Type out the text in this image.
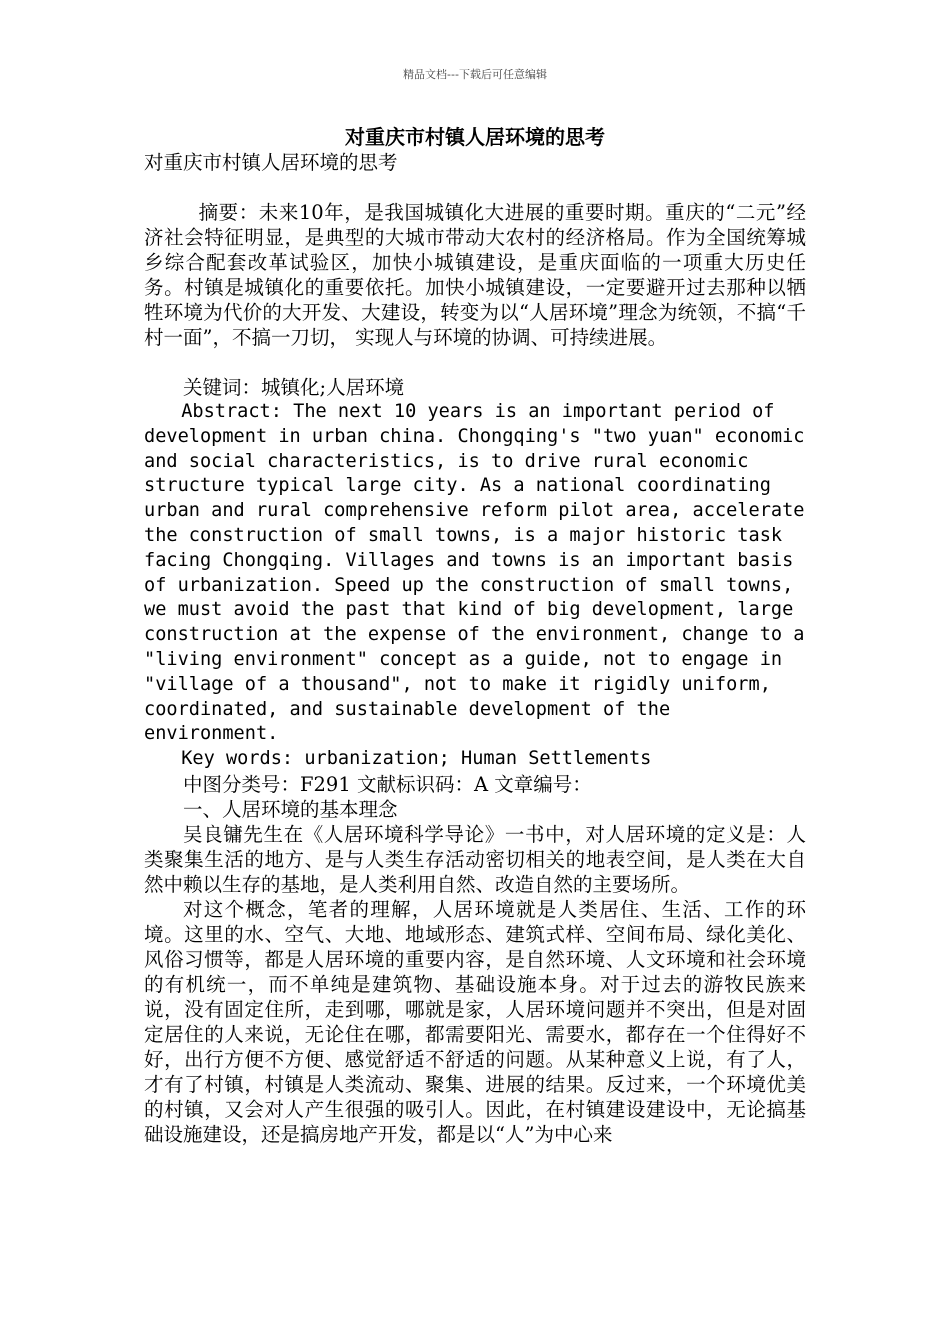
精品文档---下载后可任意编辑
对重庆市村镇人居环境的思考

对重庆市村镇人居环境的思考

摘要：未来10年，是我国城镇化大进展的重要时期。重庆的“二元”经济社会特征明显，是典型的大城市带动大农村的经济格局。作为全国统筹城乡综合配套改革试验区，加快小城镇建设，是重庆面临的一项重大历史任务。村镇是城镇化的重要依托。加快小城镇建设，一定要避开过去那种以牺牲环境为代价的大开发、大建设，转变为以“人居环境”理念为统领，不搞“千村一面”，不搞一刀切， 实现人与环境的协调、可持续进展。

关键词：城镇化;人居环境

Abstract: The next 10 years is an important period of development in urban china. Chongqing's "two yuan" economic and social characteristics, is to drive rural economic structure typical large city. As a national coordinating urban and rural comprehensive reform pilot area, accelerate the construction of small towns, is a major historic task facing Chongqing. Villages and towns is an important basis of urbanization. Speed up the construction of small towns, we must avoid the past that kind of big development, large construction at the expense of the environment, change to a "living environment" concept as a guide, not to engage in "village of a thousand", not to make it rigidly uniform, coordinated, and sustainable development of the environment.

Key words: urbanization; Human Settlements

中图分类号：F291 文献标识码：A 文章编号：

一、人居环境的基本理念

吴良镛先生在《人居环境科学导论》一书中，对人居环境的定义是：人类聚集生活的地方、是与人类生存活动密切相关的地表空间，是人类在大自然中赖以生存的基地，是人类利用自然、改造自然的主要场所。

对这个概念，笔者的理解，人居环境就是人类居住、生活、工作的环境。这里的水、空气、大地、地域形态、建筑式样、空间布局、绿化美化、风俗习惯等，都是人居环境的重要内容，是自然环境、人文环境和社会环境的有机统一，而不单纯是建筑物、基础设施本身。对于过去的游牧民族来说，没有固定住所，走到哪，哪就是家，人居环境问题并不突出，但是对固定居住的人来说，无论住在哪，都需要阳光、需要水，都存在一个住得好不好，出行方便不方便、感觉舒适不舒适的问题。从某种意义上说，有了人，才有了村镇，村镇是人类流动、聚集、进展的结果。反过来，一个环境优美的村镇，又会对人产生很强的吸引人。因此，在村镇建设建设中，无论搞基础设施建设，还是搞房地产开发，都是以“人”为中心来
